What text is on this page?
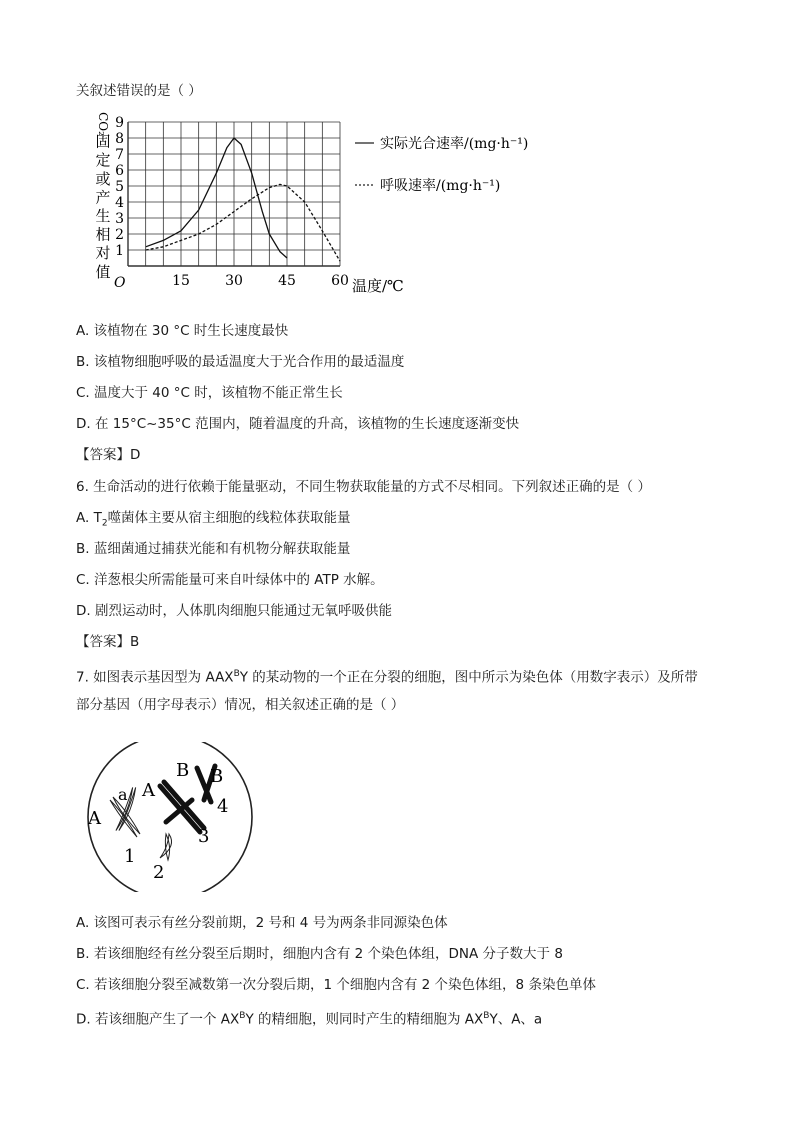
关叙述错误的是（ ）
15	30	45	60
1
2
3
4
5
6
7
8
9
CO₂
固
定
或
产
生
相
对
值
O	温度/℃
实际光合速率/(mg·h⁻¹)
呼吸速率/(mg·h⁻¹)
A. 该植物在 30 °C 时生长速度最快
B. 该植物细胞呼吸的最适温度大于光合作用的最适温度
C. 温度大于 40 °C 时，该植物不能正常生长
D. 在 15°C~35°C 范围内，随着温度的升高，该植物的生长速度逐渐变快
【答案】D
6. 生命活动的进行依赖于能量驱动，不同生物获取能量的方式不尽相同。下列叙述正确的是（ ）
A. $T_2$噬菌体主要从宿主细胞的线粒体获取能量
B. 蓝细菌通过捕获光能和有机物分解获取能量
C. 洋葱根尖所需能量可来自叶绿体中的 ATP 水解。
D. 剧烈运动时，人体肌肉细胞只能通过无氧呼吸供能
【答案】B
7. 如图表示基因型为 $AAX^BY$ 的某动物的一个正在分裂的细胞，图中所示为染色体（用数字表示）及所带
部分基因（用字母表示）情况，相关叙述正确的是（ ）
A
a A
B B
1
2
3
4
A. 该图可表示有丝分裂前期，2 号和 4 号为两条非同源染色体
B. 若该细胞经有丝分裂至后期时，细胞内含有 2 个染色体组，DNA 分子数大于 8
C. 若该细胞分裂至减数第一次分裂后期，1 个细胞内含有 2 个染色体组，8 条染色单体
D. 若该细胞产生了一个 $AX^BY$ 的精细胞，则同时产生的精细胞为 $AX^BY$、A、a
